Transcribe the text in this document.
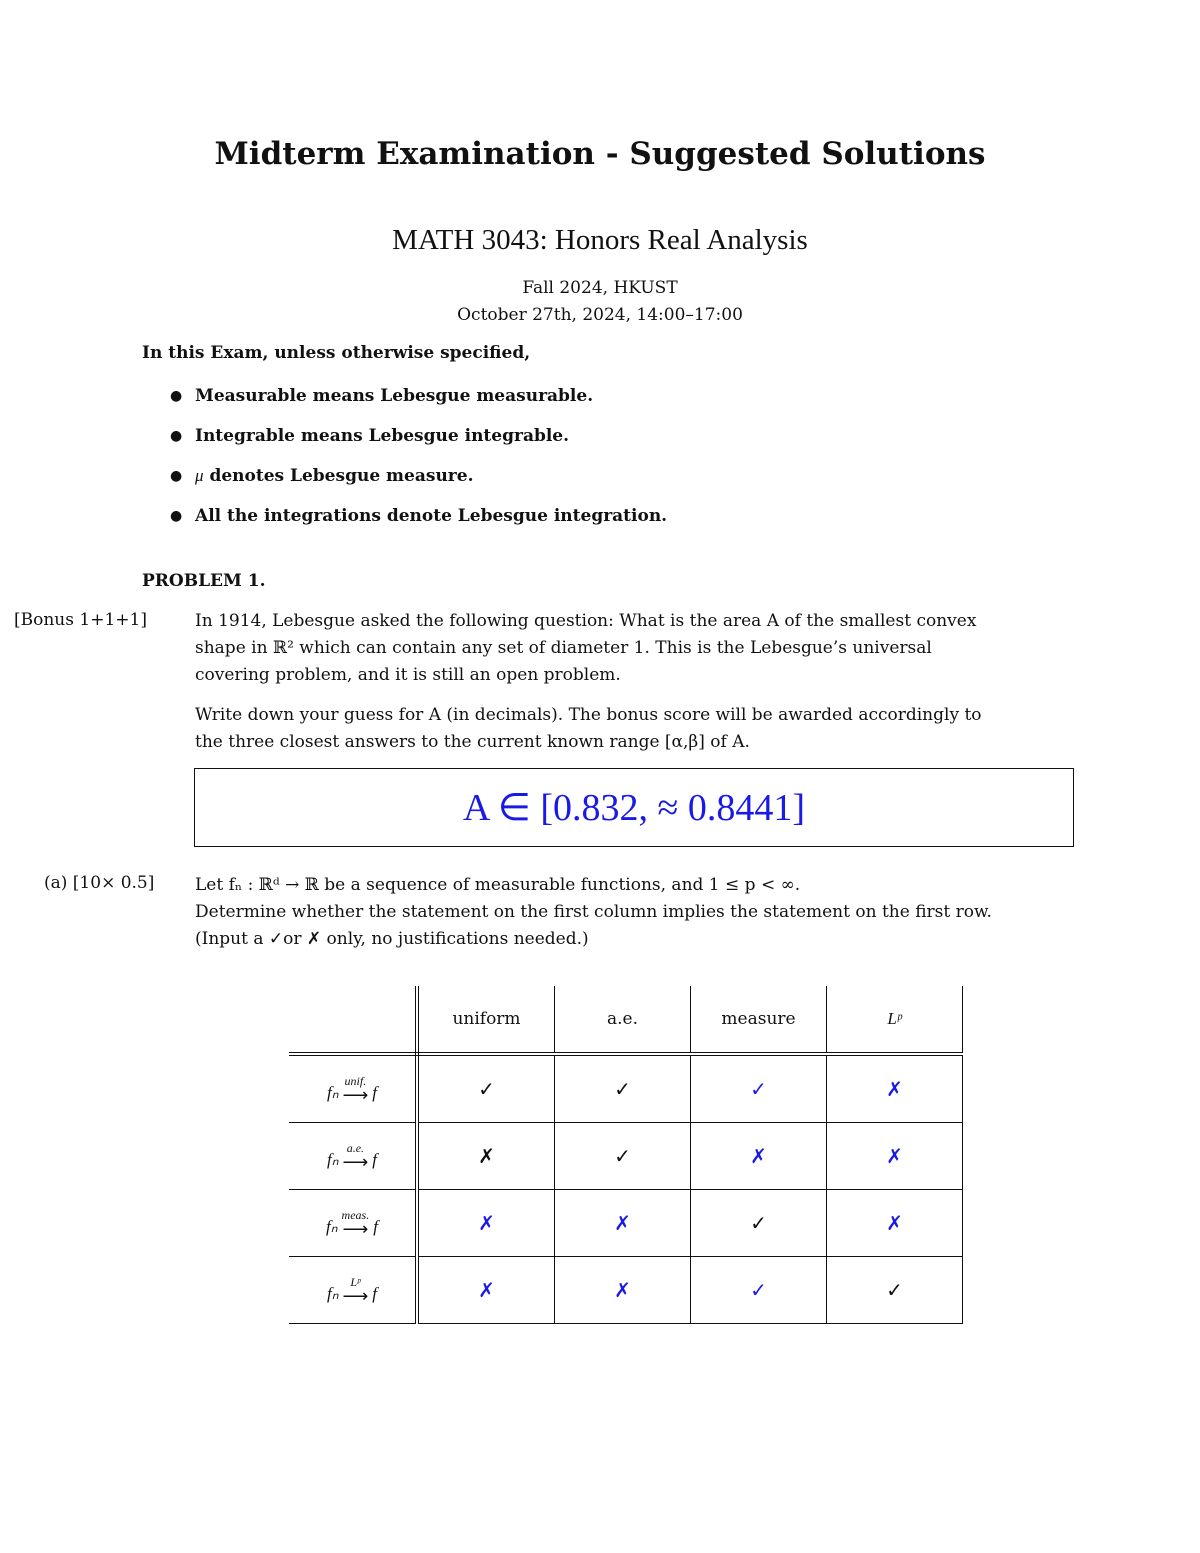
Midterm Examination - Suggested Solutions
MATH 3043: Honors Real Analysis
Fall 2024, HKUST
October 27th, 2024, 14:00–17:00
In this Exam, unless otherwise specified,
● Measurable means Lebesgue measurable.
● Integrable means Lebesgue integrable.
● μ denotes Lebesgue measure.
● All the integrations denote Lebesgue integration.
PROBLEM 1.
[Bonus 1+1+1]	In 1914, Lebesgue asked the following question: What is the area A of the smallest convex
shape in ℝ² which can contain any set of diameter 1. This is the Lebesgue’s universal
covering problem, and it is still an open problem.
Write down your guess for A (in decimals). The bonus score will be awarded accordingly to
the three closest answers to the current known range [α,β] of A.
A ∈ [0.832, ≈ 0.8441]
(a) [10× 0.5] Let fₙ : ℝᵈ → ℝ be a sequence of measurable functions, and 1 ≤ p < ∞.
Determine whether the statement on the first column implies the statement on the first row.
(Input a ✓or ✗ only, no justifications needed.)
	uniform	a.e.	measure	Lᵖ

fₙ
unif.
⟶ f	✓	✓	✓	✗

fₙ
a.e.
⟶ f	✗	✓	✗	✗

fₙ
meas.
⟶ f	✗	✗	✓	✗

fₙ
Lᵖ
⟶ f	✗	✗	✓	✓
